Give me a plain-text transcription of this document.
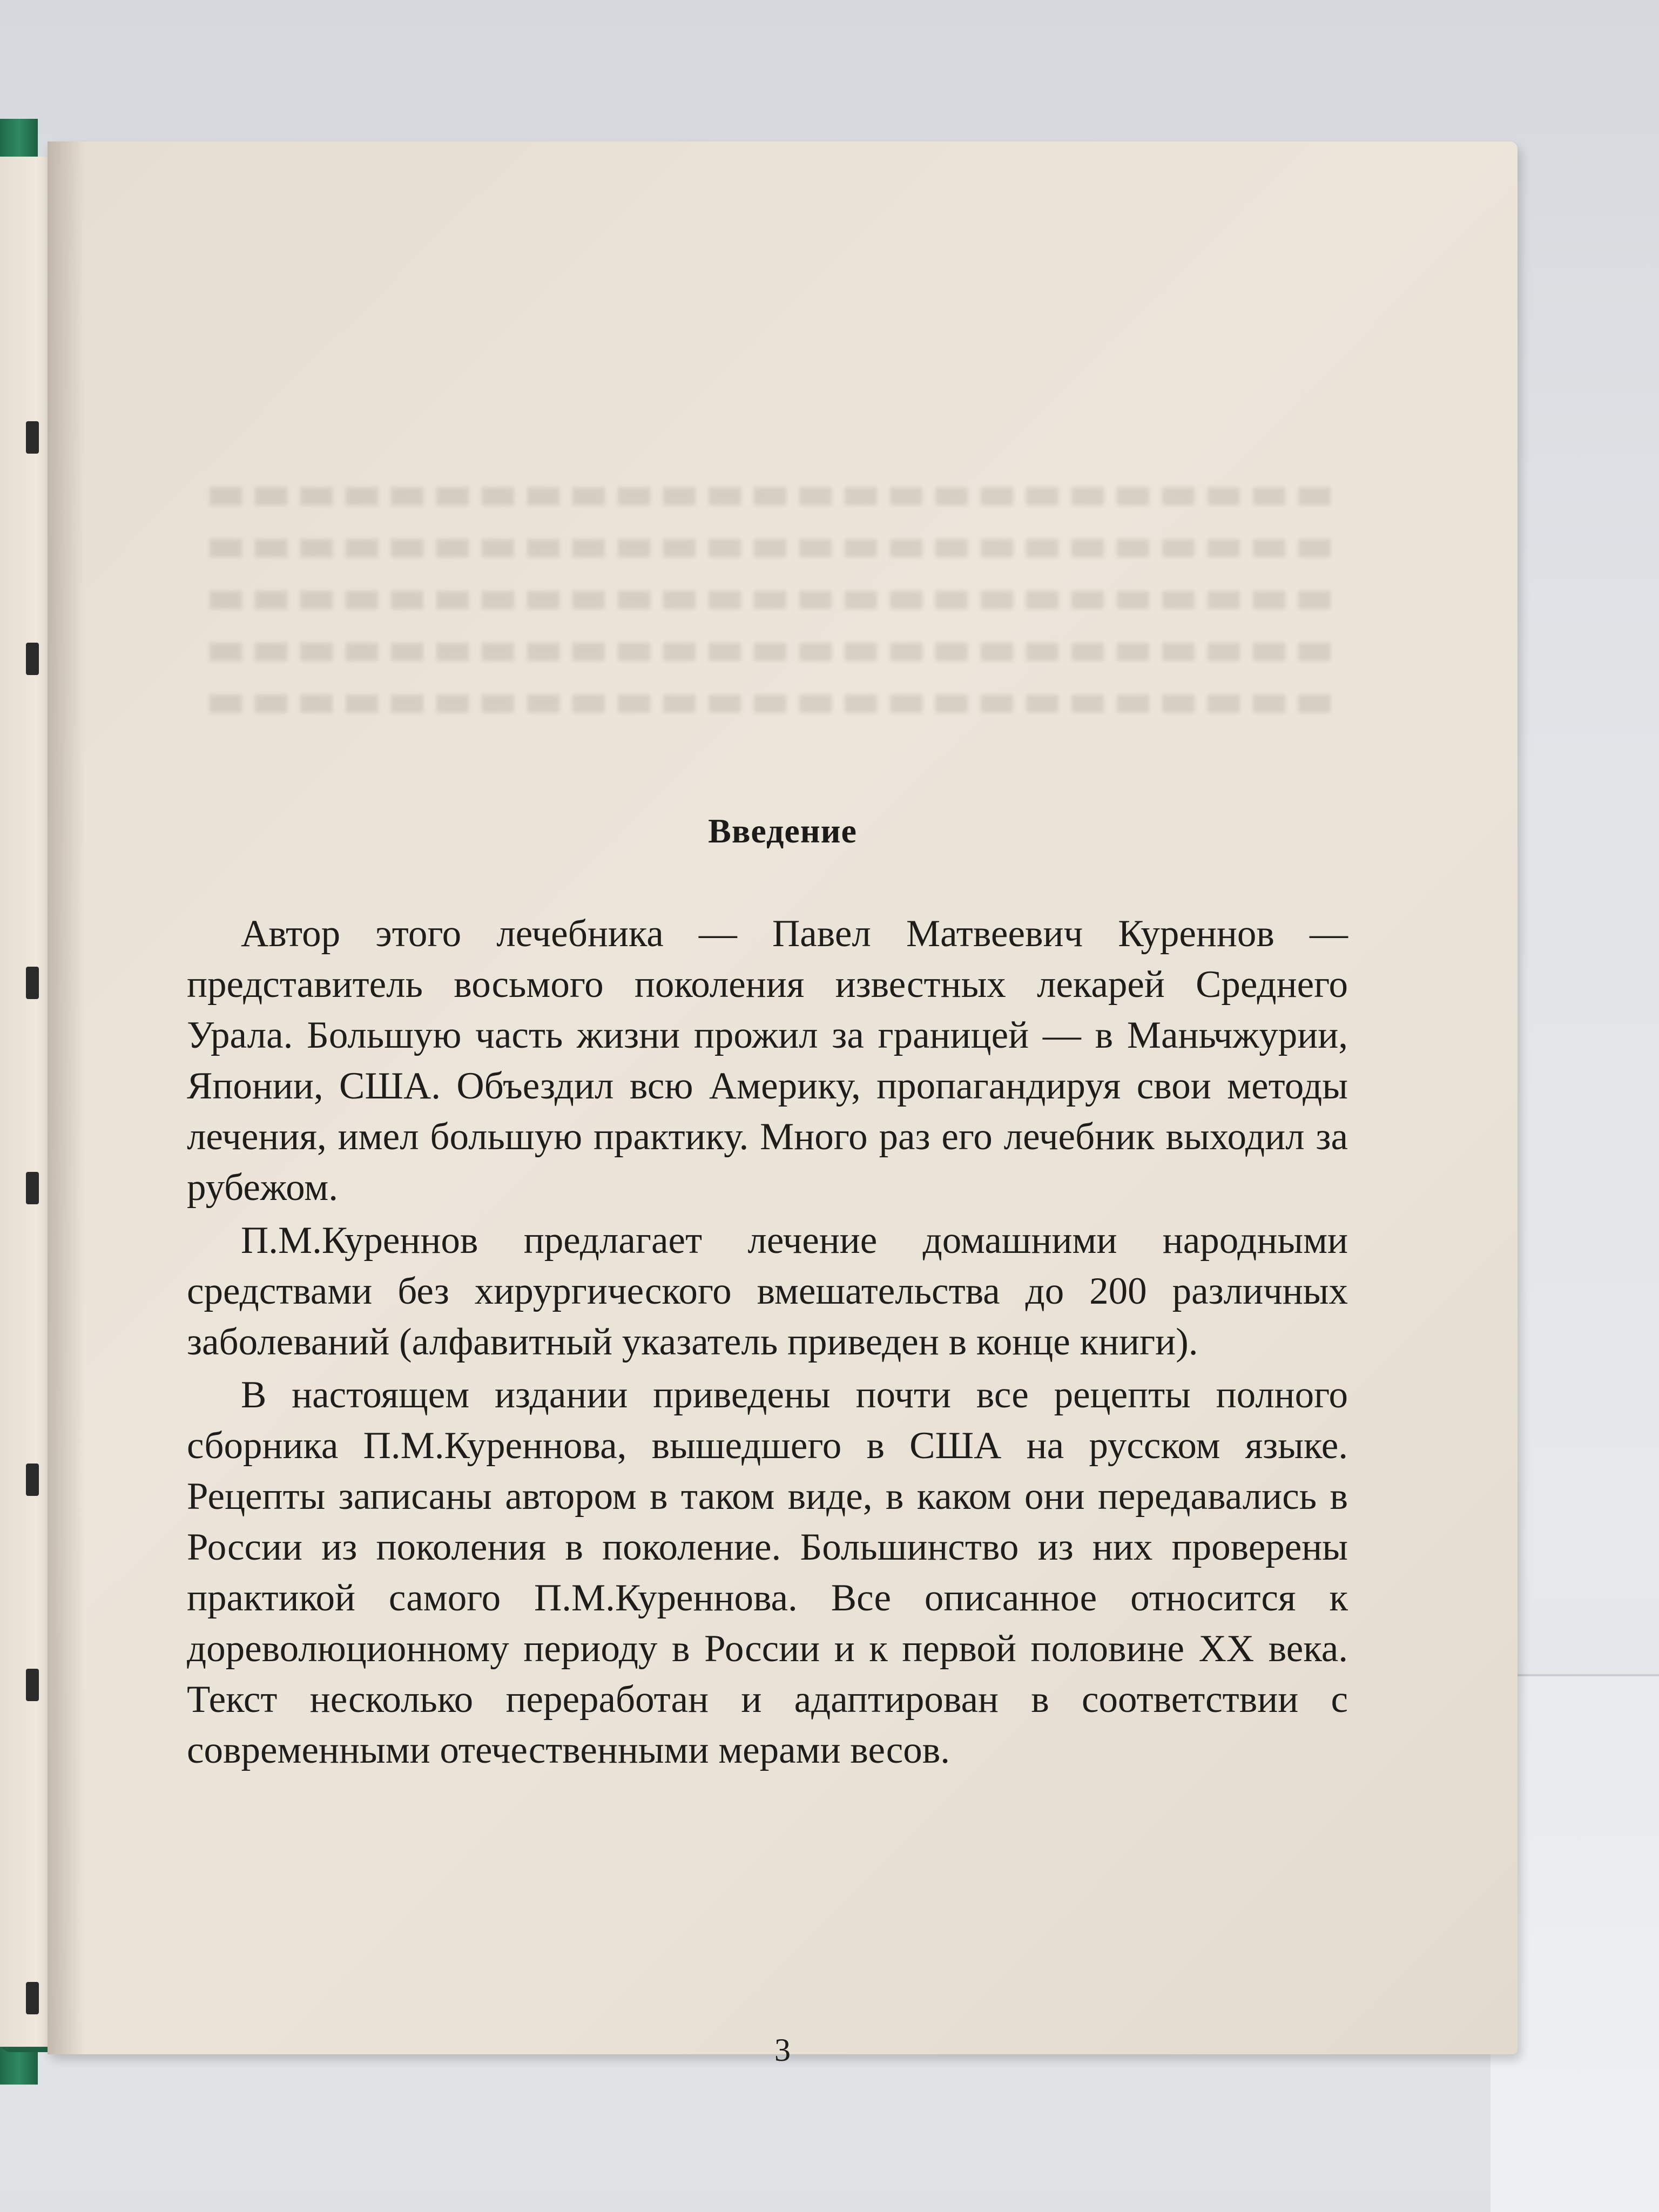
Введение

Автор этого лечебника — Павел Матвеевич Куреннов — представитель восьмого поколения известных лекарей Среднего Урала. Большую часть жизни прожил за границей — в Маньчжурии, Японии, США. Объездил всю Америку, пропагандируя свои методы лечения, имел большую практику. Много раз его лечебник выходил за рубежом.

П.М.Куреннов предлагает лечение домашними народными средствами без хирургического вмешательства до 200 различных заболеваний (алфавитный указатель приведен в конце книги).

В настоящем издании приведены почти все рецепты полного сборника П.М.Куреннова, вышедшего в США на русском языке. Рецепты записаны автором в таком виде, в каком они передавались в России из поколения в поколение. Большинство из них проверены практикой самого П.М.Куреннова. Все описанное относится к дореволюционному периоду в России и к первой половине XX века. Текст несколько переработан и адаптирован в соответствии с современными отечественными мерами весов.

3
